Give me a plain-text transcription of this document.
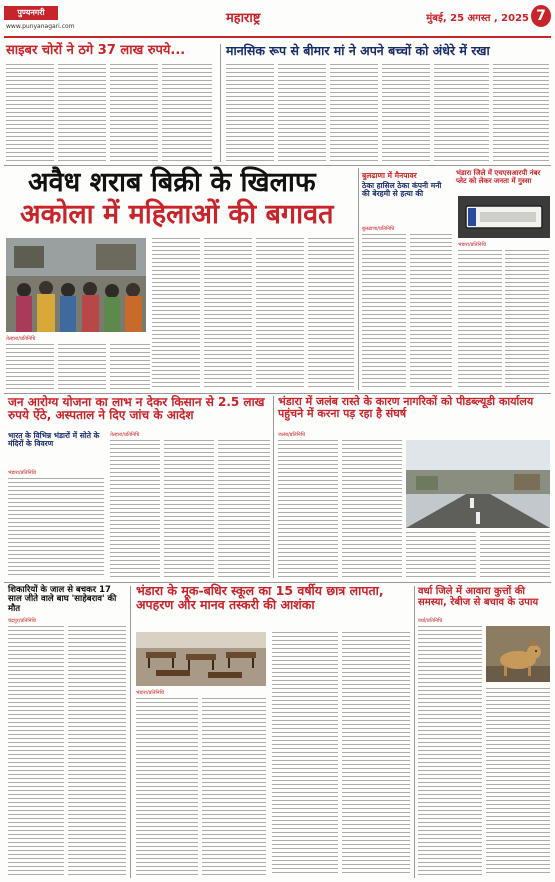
पुण्यनगरी
www.punyanagari.com
महाराष्ट्र	मुंबई, 25 अगस्त , 2025 7
साइबर चोरों ने ठगे 37 लाख रुपये...	मानसिक रूप से बीमार मां ने अपने बच्चों को अंधेरे में रखा
अवैध शराब बिक्री के खिलाफ
अकोला में महिलाओं की बगावत
तेल्हारा/प्रतिनिधि
बुलढाणा में मैनपावर
ठेका हासिल ठेका कंपनी मनी की बेरहमी से हत्या की
बुलढाणा/प्रतिनिधि
भंडारा जिले में एचएसआरपी नंबर प्लेट को लेकर जनता में गुस्सा
भंडारा/प्रतिनिधि
जन आरोग्य योजना का लाभ न देकर किसान से 2.5 लाख रुपये ऐंठे, अस्पताल ने दिए जांच के आदेश
तेल्हारा/प्रतिनिधि
भंडारा में जलंब रास्ते के कारण नागरिकों को पीडब्ल्यूडी कार्यालय पहुंचने में करना पड़ रहा है संघर्ष
जलंब/प्रतिनिधि
भारत के विभिन्न भंडारों में सोते के मंदिरों के विवरण
भंडारा/प्रतिनिधि
शिकारियों के जाल से बचकर 17 साल जीते वाले बाघ 'साहेबराव' की मौत
चंद्रपुर/प्रतिनिधि
भंडारा के मूक-बधिर स्कूल का 15 वर्षीय छात्र लापता, अपहरण और मानव तस्करी की आशंका
भंडारा/प्रतिनिधि
वर्धा जिले में आवारा कुत्तों की समस्या, रेबीज से बचाव के उपाय
वर्धा/प्रतिनिधि
